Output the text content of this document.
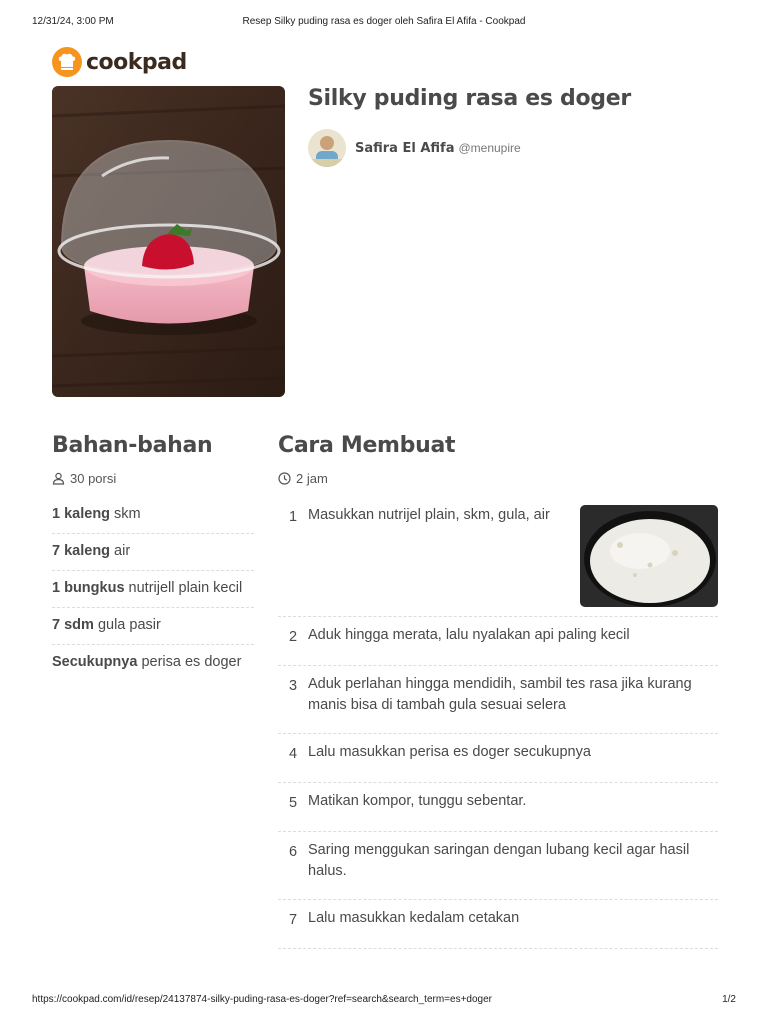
12/31/24, 3:00 PM	Resep Silky puding rasa es doger oleh Safira El Afifa - Cookpad
cookpad
Silky puding rasa es doger
Safira El Afifa @menupire
Bahan-bahan
30 porsi
1 kaleng skm
7 kaleng air
1 bungkus nutrijell plain kecil
7 sdm gula pasir
Secukupnya perisa es doger
Cara Membuat
2 jam
1 Masukkan nutrijel plain, skm, gula, air
2 Aduk hingga merata, lalu nyalakan api paling kecil
3 Aduk perlahan hingga mendidih, sambil tes rasa jika kurang manis bisa di tambah gula sesuai selera
4 Lalu masukkan perisa es doger secukupnya
5 Matikan kompor, tunggu sebentar.
6 Saring menggukan saringan dengan lubang kecil agar hasil halus.
7 Lalu masukkan kedalam cetakan
https://cookpad.com/id/resep/24137874-silky-puding-rasa-es-doger?ref=search&search_term=es+doger	1/2
